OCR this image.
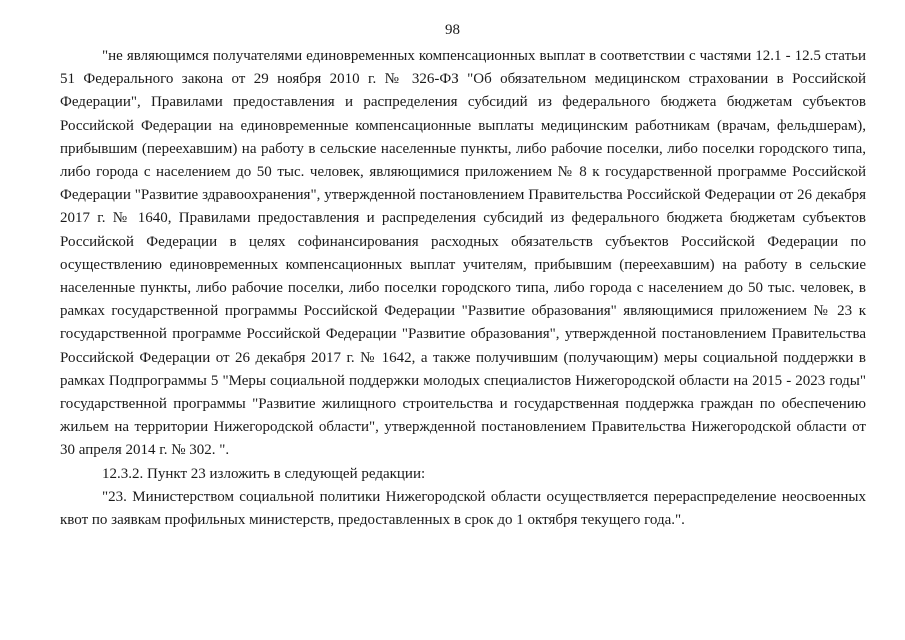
98

"не являющимся получателями единовременных компенсационных выплат в соответствии с частями 12.1 - 12.5 статьи 51 Федерального закона от 29 ноября 2010 г. № 326-ФЗ "Об обязательном медицинском страховании в Российской Федерации", Правилами предоставления и распределения субсидий из федерального бюджета бюджетам субъектов Российской Федерации на единовременные компенсационные выплаты медицинским работникам (врачам, фельдшерам), прибывшим (переехавшим) на работу в сельские населенные пункты, либо рабочие поселки, либо поселки городского типа, либо города с населением до 50 тыс. человек, являющимися приложением № 8 к государственной программе Российской Федерации "Развитие здравоохранения", утвержденной постановлением Правительства Российской Федерации от 26 декабря 2017 г. № 1640, Правилами предоставления и распределения субсидий из федерального бюджета бюджетам субъектов Российской Федерации в целях софинансирования расходных обязательств субъектов Российской Федерации по осуществлению единовременных компенсационных выплат учителям, прибывшим (переехавшим) на работу в сельские населенные пункты, либо рабочие поселки, либо поселки городского типа, либо города с населением до 50 тыс. человек, в рамках государственной программы Российской Федерации "Развитие образования" являющимися приложением № 23 к государственной программе Российской Федерации "Развитие образования", утвержденной постановлением Правительства Российской Федерации от 26 декабря 2017 г. № 1642, а также получившим (получающим) меры социальной поддержки в рамках Подпрограммы 5 "Меры социальной поддержки молодых специалистов Нижегородской области на 2015 - 2023 годы" государственной программы "Развитие жилищного строительства и государственная поддержка граждан по обеспечению жильем на территории Нижегородской области", утвержденной постановлением Правительства Нижегородской области от 30 апреля 2014 г. № 302. ".

12.3.2. Пункт 23 изложить в следующей редакции:

"23. Министерством социальной политики Нижегородской области осуществляется перераспределение неосвоенных квот по заявкам профильных министерств, предоставленных в срок до 1 октября текущего года.".
